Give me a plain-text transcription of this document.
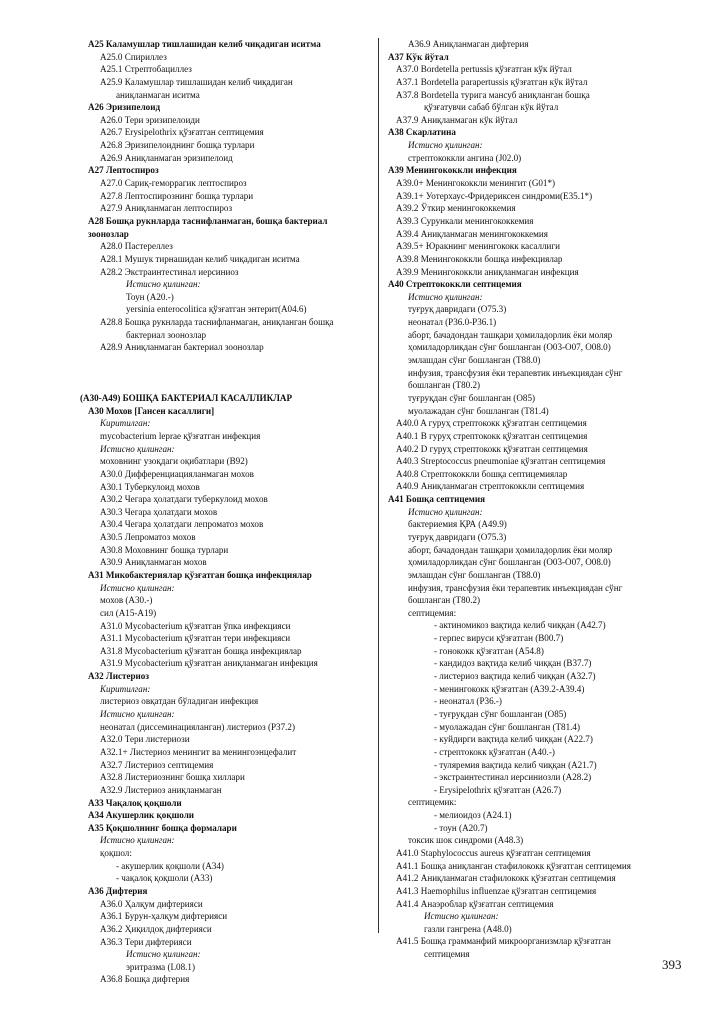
A25 Каламушлар тишлашидан келиб чиқадиган иситма
A25.0 Спириллез
A25.1 Стрептобациллез
A25.9 Каламушлар тишлашидан келиб чиқадиган
аниқланмаган иситма
A26 Эризипелоид
A26.0 Тери эризипелоиди
A26.7 Erysipelothrix қўзғатган септицемия
A26.8 Эризипелоиднинг бошқа турлари
A26.9 Аниқланмаган эризипелоид
A27 Лептоспироз
A27.0 Сариқ-геморрагик лептоспироз
A27.8 Лептоспирознинг бошқа турлари
A27.9 Аниқланмаган лептоспироз
A28 Бошқа рукнларда таснифланмаган, бошқа бактериал
зоонозлар
A28.0 Пастереллез
A28.1 Мушук тирнашидан келиб чиқадиган иситма
A28.2 Экстраинтестинал иерсиниоз
Истисно қилинган:
Тоун (A20.-)
yersinia enterocolitica қўзғатган энтерит(A04.6)
A28.8 Бошқа рукнларда таснифланмаган, аниқланган бошқа
бактериал зоонозлар
A28.9 Аниқланмаган бактериал зоонозлар
(A30-A49) БОШҚА БАКТЕРИАЛ КАСАЛЛИКЛАР
A30 Мохов [Гансен касаллиги]
Киритилган:
mycobacterium leprae қўзғатган инфекция
Истисно қилинган:
моховнинг узоқдаги оқибатлари (B92)
A30.0 Дифференциацияланмаган мохов
A30.1 Туберкулоид мохов
A30.2 Чегара ҳолатдаги туберкулоид мохов
A30.3 Чегара ҳолатдаги мохов
A30.4 Чегара ҳолатдаги лепроматоз мохов
A30.5 Лепроматоз мохов
A30.8 Моховнинг бошқа турлари
A30.9 Аниқланмаган мохов
A31 Микобактериялар қўзғатган бошқа инфекциялар
Истисно қилинган:
мохов (A30.-)
сил (A15-A19)
A31.0 Mycobacterium қўзғатган ўпка инфекцияси
A31.1 Mycobacterium қўзғатган тери инфекцияси
A31.8 Mycobacterium қўзғатган бошқа инфекциялар
A31.9 Mycobacterium қўзғатган аниқланмаган инфекция
A32 Листериоз
Киритилган:
листериоз овқатдан бўладиган инфекция
Истисно қилинган:
неонатал (диссеминацияланган) листериоз (P37.2)
A32.0 Тери листериози
A32.1+ Листериоз менингит ва менингоэнцефалит
A32.7 Листериоз септицемия
A32.8 Листериознинг бошқа хиллари
A32.9 Листериоз аниқланмаган
A33 Чақалоқ қоқшоли
A34 Акушерлик қоқшоли
A35 Қоқшолнинг бошқа формалари
Истисно қилинган:
қоқшол:
- акушерлик қоқшоли (A34)
- чақалоқ қоқшоли (A33)
A36 Дифтерия
A36.0 Ҳалқум дифтерияси
A36.1 Бурун-ҳалқум дифтерияси
A36.2 Ҳиқилдоқ дифтерияси
A36.3 Тери дифтерияси
Истисно қилинган:
эритразма (L08.1)
A36.8 Бошқа дифтерия
A36.9 Аниқланмаган дифтерия
A37 Кўк йўтал
A37.0 Bordetella pertussis қўзғатган кўк йўтал
A37.1 Bordetella parapertussis қўзғатган кўк йўтал
A37.8 Bordetella турига мансуб аниқланган бошқа
қўзғатувчи сабаб бўлган кўк йўтал
A37.9 Аниқланмаган кўк йўтал
A38 Скарлатина
Истисно қилинган:
стрептококкли ангина (J02.0)
A39 Менингококкли инфекция
A39.0+ Менингококкли менингит (G01*)
A39.1+ Уотерхаус-Фридериксен синдроми(E35.1*)
A39.2 Ўткир менингококкемия
A39.3 Сурункали менингококкемия
A39.4 Аниқланмаган менингококкемия
A39.5+ Юракнинг менингококк касаллиги
A39.8 Менингококкли бошқа инфекциялар
A39.9 Менингококкли аниқланмаган инфекция
A40 Стрептококкли септицемия
Истисно қилинган:
туғруқ давридаги (O75.3)
неонатал (P36.0-P36.1)
аборт, бачадондан ташқари ҳомиладорлик ёки моляр
ҳомиладорликдан сўнг бошланган (O03-O07, O08.0)
эмлашдан сўнг бошланган (T88.0)
инфузия, трансфузия ёки терапевтик инъекциядан сўнг
бошланган (T80.2)
туғруқдан сўнг бошланган (O85)
муолажадан сўнг бошланган (T81.4)
A40.0 A гуруҳ стрептококк қўзғатган септицемия
A40.1 B гуруҳ стрептококк қўзғатган септицемия
A40.2 D гуруҳ стрептококк қўзғатган септицемия
A40.3 Streptococcus pneumoniae қўзғатган септицемия
A40.8 Стрептококкли бошқа септицемиялар
A40.9 Аниқланмаган стрептококкли септицемия
A41 Бошқа септицемия
Истисно қилинган:
бактериемия ҚРА (A49.9)
туғруқ давридаги (O75.3)
аборт, бачадондан ташқари ҳомиладорлик ёки моляр
ҳомиладорликдан сўнг бошланган (O03-O07, O08.0)
эмлашдан сўнг бошланган (T88.0)
инфузия, трансфузия ёки терапевтик инъекциядан сўнг
бошланган (T80.2)
септицемия:
- актиномикоз вақтида келиб чиққан (A42.7)
- герпес вируси қўзғатган (B00.7)
- гонококк қўзғатган (A54.8)
- кандидоз вақтида келиб чиққан (B37.7)
- листериоз вақтида келиб чиққан (A32.7)
- менингококк қўзғатган (A39.2-A39.4)
- неонатал (P36.-)
- туғруқдан сўнг бошланган (O85)
- муолажадан сўнг бошланган (T81.4)
- куйдирги вақтида келиб чиққан (A22.7)
- стрептококк қўзғатган (A40.-)
- туляремия вақтида келиб чиққан (A21.7)
- экстраинтестинал иерсиниозли (A28.2)
- Erysipelothrix қўзғатган (A26.7)
септицемик:
- мелиоидоз (A24.1)
- тоун (A20.7)
токсик шок синдроми (A48.3)
A41.0 Staphylococcus aureus қўзғатган септицемия
A41.1 Бошқа аниқланган стафилококк қўзғатган септицемия
A41.2 Аниқланмаган стафилококк қўзғатган септицемия
A41.3 Haemophilus influenzae қўзғатган септицемия
A41.4 Анаэроблар қўзғатган септицемия
Истисно қилинган:
газли гангрена (A48.0)
A41.5 Бошқа грамманфий микроорганизмлар қўзғатган
септицемия
393
